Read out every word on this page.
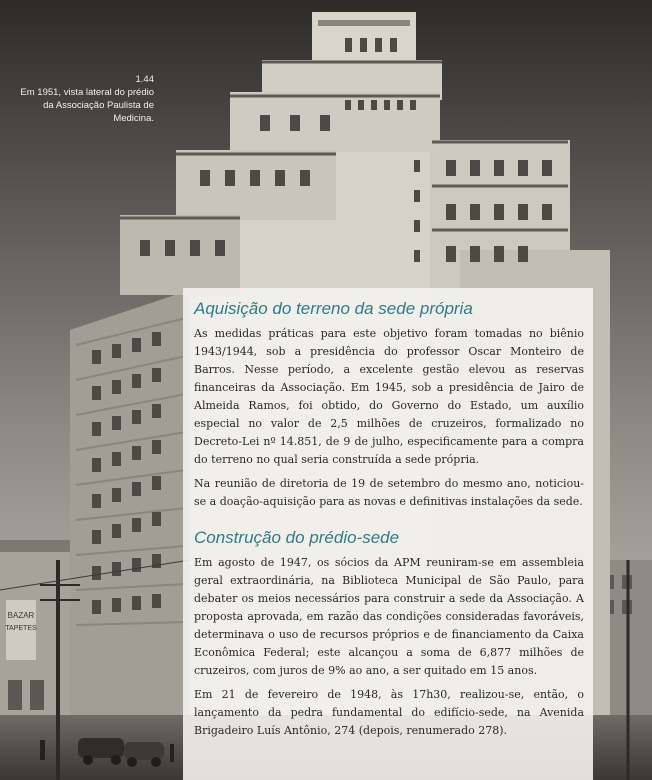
BAZAR
TAPETES
1.44
Em 1951, vista lateral do prédio da Associação Paulista de Medicina.
Aquisição do terreno da sede própria

As medidas práticas para este objetivo foram tomadas no biênio 1943/1944, sob a presidência do professor Oscar Monteiro de Barros. Nesse período, a excelente gestão elevou as reservas financeiras da Associação. Em 1945, sob a presidência de Jairo de Almeida Ramos, foi obtido, do Governo do Estado, um auxílio especial no valor de 2,5 milhões de cruzeiros, formalizado no Decreto-Lei nº 14.851, de 9 de julho, especificamente para a compra do terreno no qual seria construída a sede própria.

Na reunião de diretoria de 19 de setembro do mesmo ano, noticiou-se a doação-aquisição para as novas e definitivas instalações da sede.

Construção do prédio-sede

Em agosto de 1947, os sócios da APM reuniram-se em assembleia geral extraordinária, na Biblioteca Municipal de São Paulo, para debater os meios necessários para construir a sede da Associação. A proposta aprovada, em razão das condições consideradas favoráveis, determinava o uso de recursos próprios e de financiamento da Caixa Econômica Federal; este alcançou a soma de 6,877 milhões de cruzeiros, com juros de 9% ao ano, a ser quitado em 15 anos.

Em 21 de fevereiro de 1948, às 17h30, realizou-se, então, o lançamento da pedra fundamental do edifício-sede, na Avenida Brigadeiro Luís Antônio, 274 (depois, renumerado 278).
